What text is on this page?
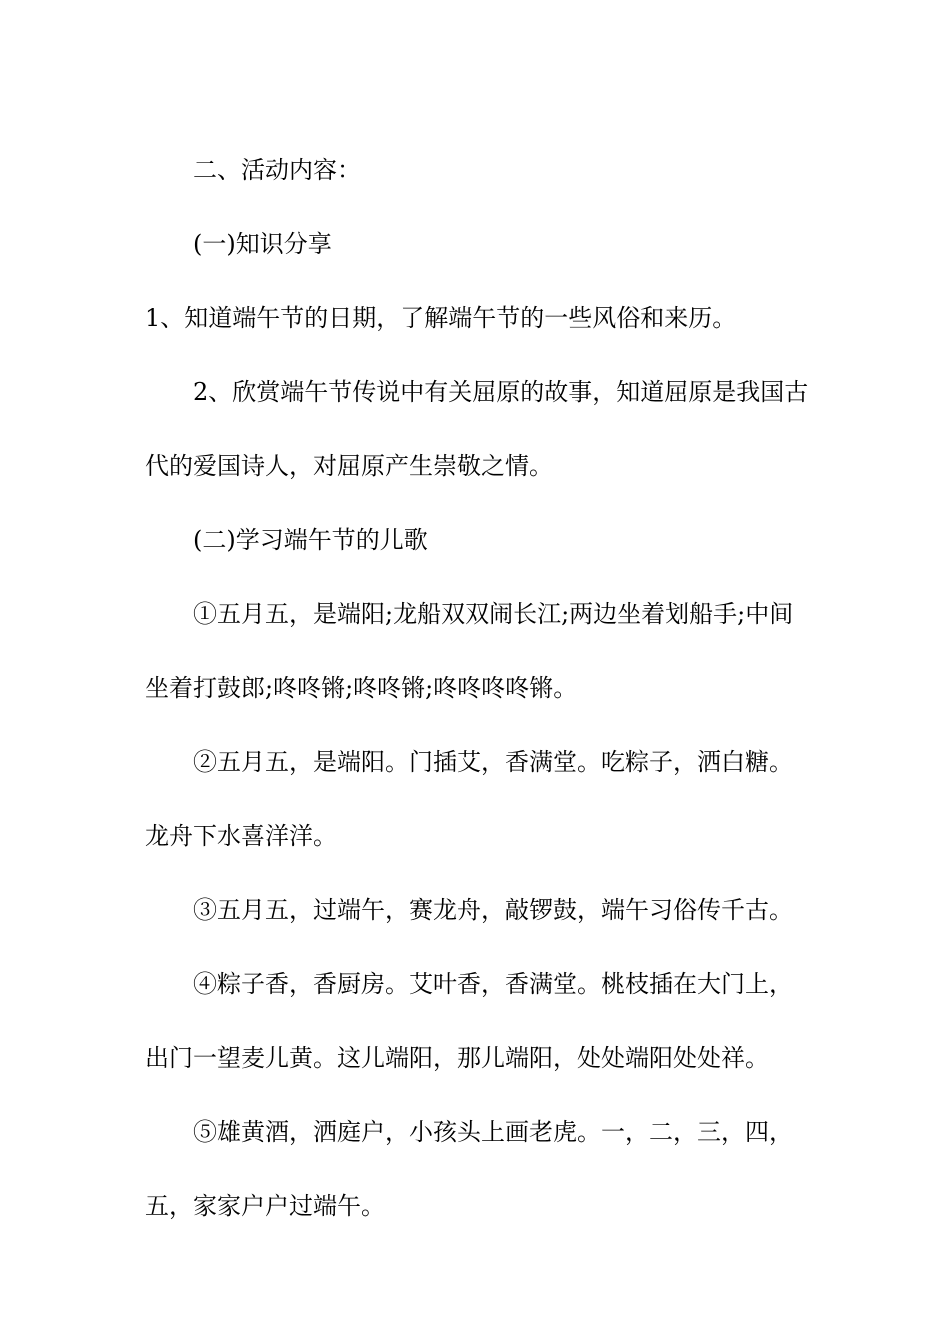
二、活动内容：

(一)知识分享

1、知道端午节的日期，了解端午节的一些风俗和来历。

2、欣赏端午节传说中有关屈原的故事，知道屈原是我国古代的爱国诗人，对屈原产生崇敬之情。

(二)学习端午节的儿歌

①五月五，是端阳;龙船双双闹长江;两边坐着划船手;中间坐着打鼓郎;咚咚锵;咚咚锵;咚咚咚咚锵。

②五月五，是端阳。门插艾，香满堂。吃粽子，洒白糖。龙舟下水喜洋洋。

③五月五，过端午，赛龙舟，敲锣鼓，端午习俗传千古。

④粽子香，香厨房。艾叶香，香满堂。桃枝插在大门上，出门一望麦儿黄。这儿端阳，那儿端阳，处处端阳处处祥。

⑤雄黄酒，洒庭户，小孩头上画老虎。一，二，三，四，五，家家户户过端午。
